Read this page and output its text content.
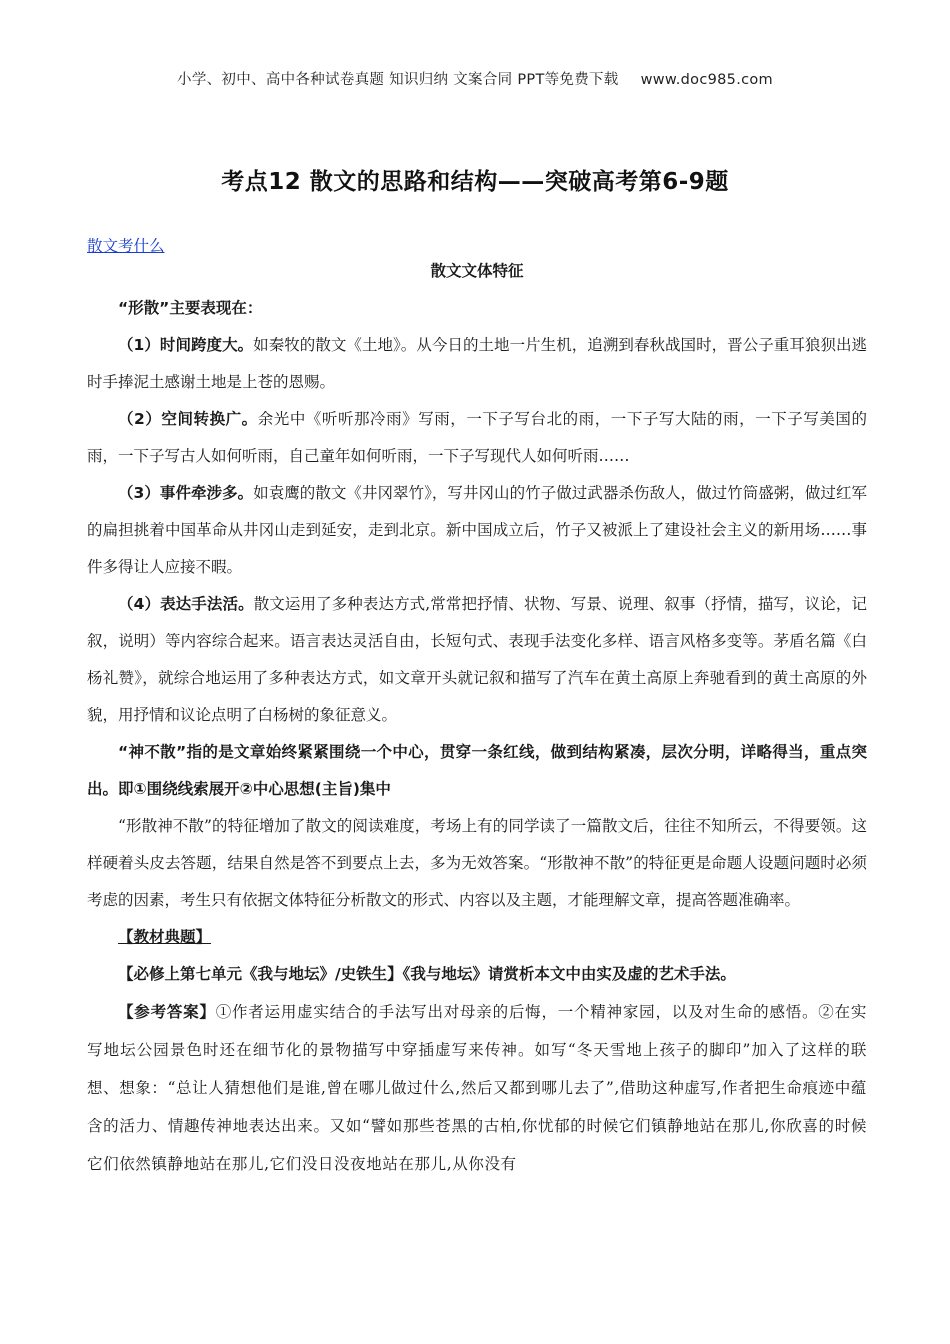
小学、初中、高中各种试卷真题 知识归纳 文案合同 PPT等免费下载 www.doc985.com
考点12 散文的思路和结构——突破高考第6-9题
散文考什么
散文文体特征

“形散”主要表现在：

（1）时间跨度大。如秦牧的散文《土地》。从今日的土地一片生机，追溯到春秋战国时，晋公子重耳狼狈出逃时手捧泥土感谢土地是上苍的恩赐。

（2）空间转换广。余光中《听听那冷雨》写雨，一下子写台北的雨，一下子写大陆的雨，一下子写美国的雨，一下子写古人如何听雨，自己童年如何听雨，一下子写现代人如何听雨……

（3）事件牵涉多。如袁鹰的散文《井冈翠竹》，写井冈山的竹子做过武器杀伤敌人，做过竹筒盛粥，做过红军的扁担挑着中国革命从井冈山走到延安，走到北京。新中国成立后，竹子又被派上了建设社会主义的新用场……事件多得让人应接不暇。

（4）表达手法活。散文运用了多种表达方式,常常把抒情、状物、写景、说理、叙事（抒情，描写，议论，记叙，说明）等内容综合起来。语言表达灵活自由，长短句式、表现手法变化多样、语言风格多变等。茅盾名篇《白杨礼赞》，就综合地运用了多种表达方式，如文章开头就记叙和描写了汽车在黄土高原上奔驰看到的黄土高原的外貌，用抒情和议论点明了白杨树的象征意义。

“神不散”指的是文章始终紧紧围绕一个中心，贯穿一条红线，做到结构紧凑，层次分明，详略得当，重点突出。即①围绕线索展开②中心思想(主旨)集中

“形散神不散”的特征增加了散文的阅读难度，考场上有的同学读了一篇散文后，往往不知所云，不得要领。这样硬着头皮去答题，结果自然是答不到要点上去，多为无效答案。“形散神不散”的特征更是命题人设题问题时必须考虑的因素，考生只有依据文体特征分析散文的形式、内容以及主题，才能理解文章，提高答题准确率。

【教材典题】

【必修上第七单元《我与地坛》/史铁生】《我与地坛》请赏析本文中由实及虚的艺术手法。

【参考答案】①作者运用虚实结合的手法写出对母亲的后悔，一个精神家园，以及对生命的感悟。②在实写地坛公园景色时还在细节化的景物描写中穿插虚写来传神。如写“冬天雪地上孩子的脚印”加入了这样的联想、想象：“总让人猜想他们是谁,曾在哪儿做过什么,然后又都到哪儿去了”,借助这种虚写,作者把生命痕迹中蕴含的活力、情趣传神地表达出来。又如“譬如那些苍黑的古柏,你忧郁的时候它们镇静地站在那儿,你欣喜的时候它们依然镇静地站在那儿,它们没日没夜地站在那儿,从你没有
